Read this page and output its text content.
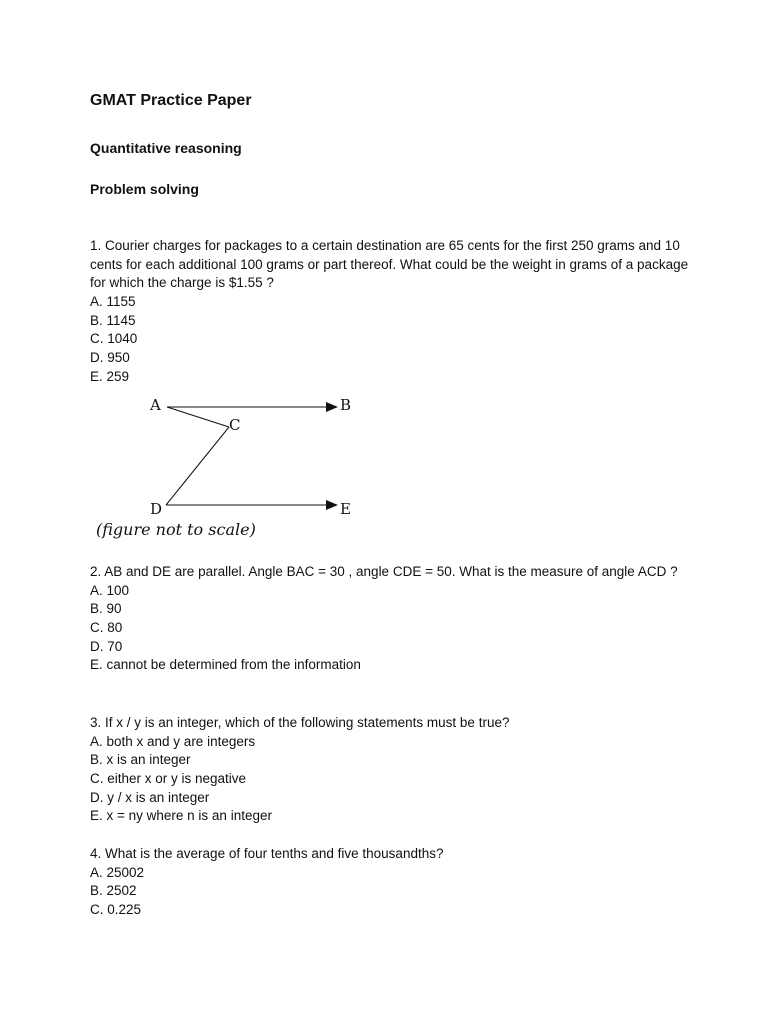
GMAT Practice Paper
Quantitative reasoning
Problem solving

1. Courier charges for packages to a certain destination are 65 cents for the first 250 grams and 10 cents for each additional 100 grams or part thereof. What could be the weight in grams of a package for which the charge is $1.55 ?

A. 1155
B. 1145
C. 1040
D. 950
E. 259
A	B
C
D	E
(figure not to scale)

2. AB and DE are parallel. Angle BAC = 30 , angle CDE = 50. What is the measure of angle ACD ?

A. 100
B. 90
C. 80
D. 70
E. cannot be determined from the information

3. If x / y is an integer, which of the following statements must be true?

A. both x and y are integers
B. x is an integer
C. either x or y is negative
D. y / x is an integer
E. x = ny where n is an integer

4. What is the average of four tenths and five thousandths?

A. 25002
B. 2502
C. 0.225
